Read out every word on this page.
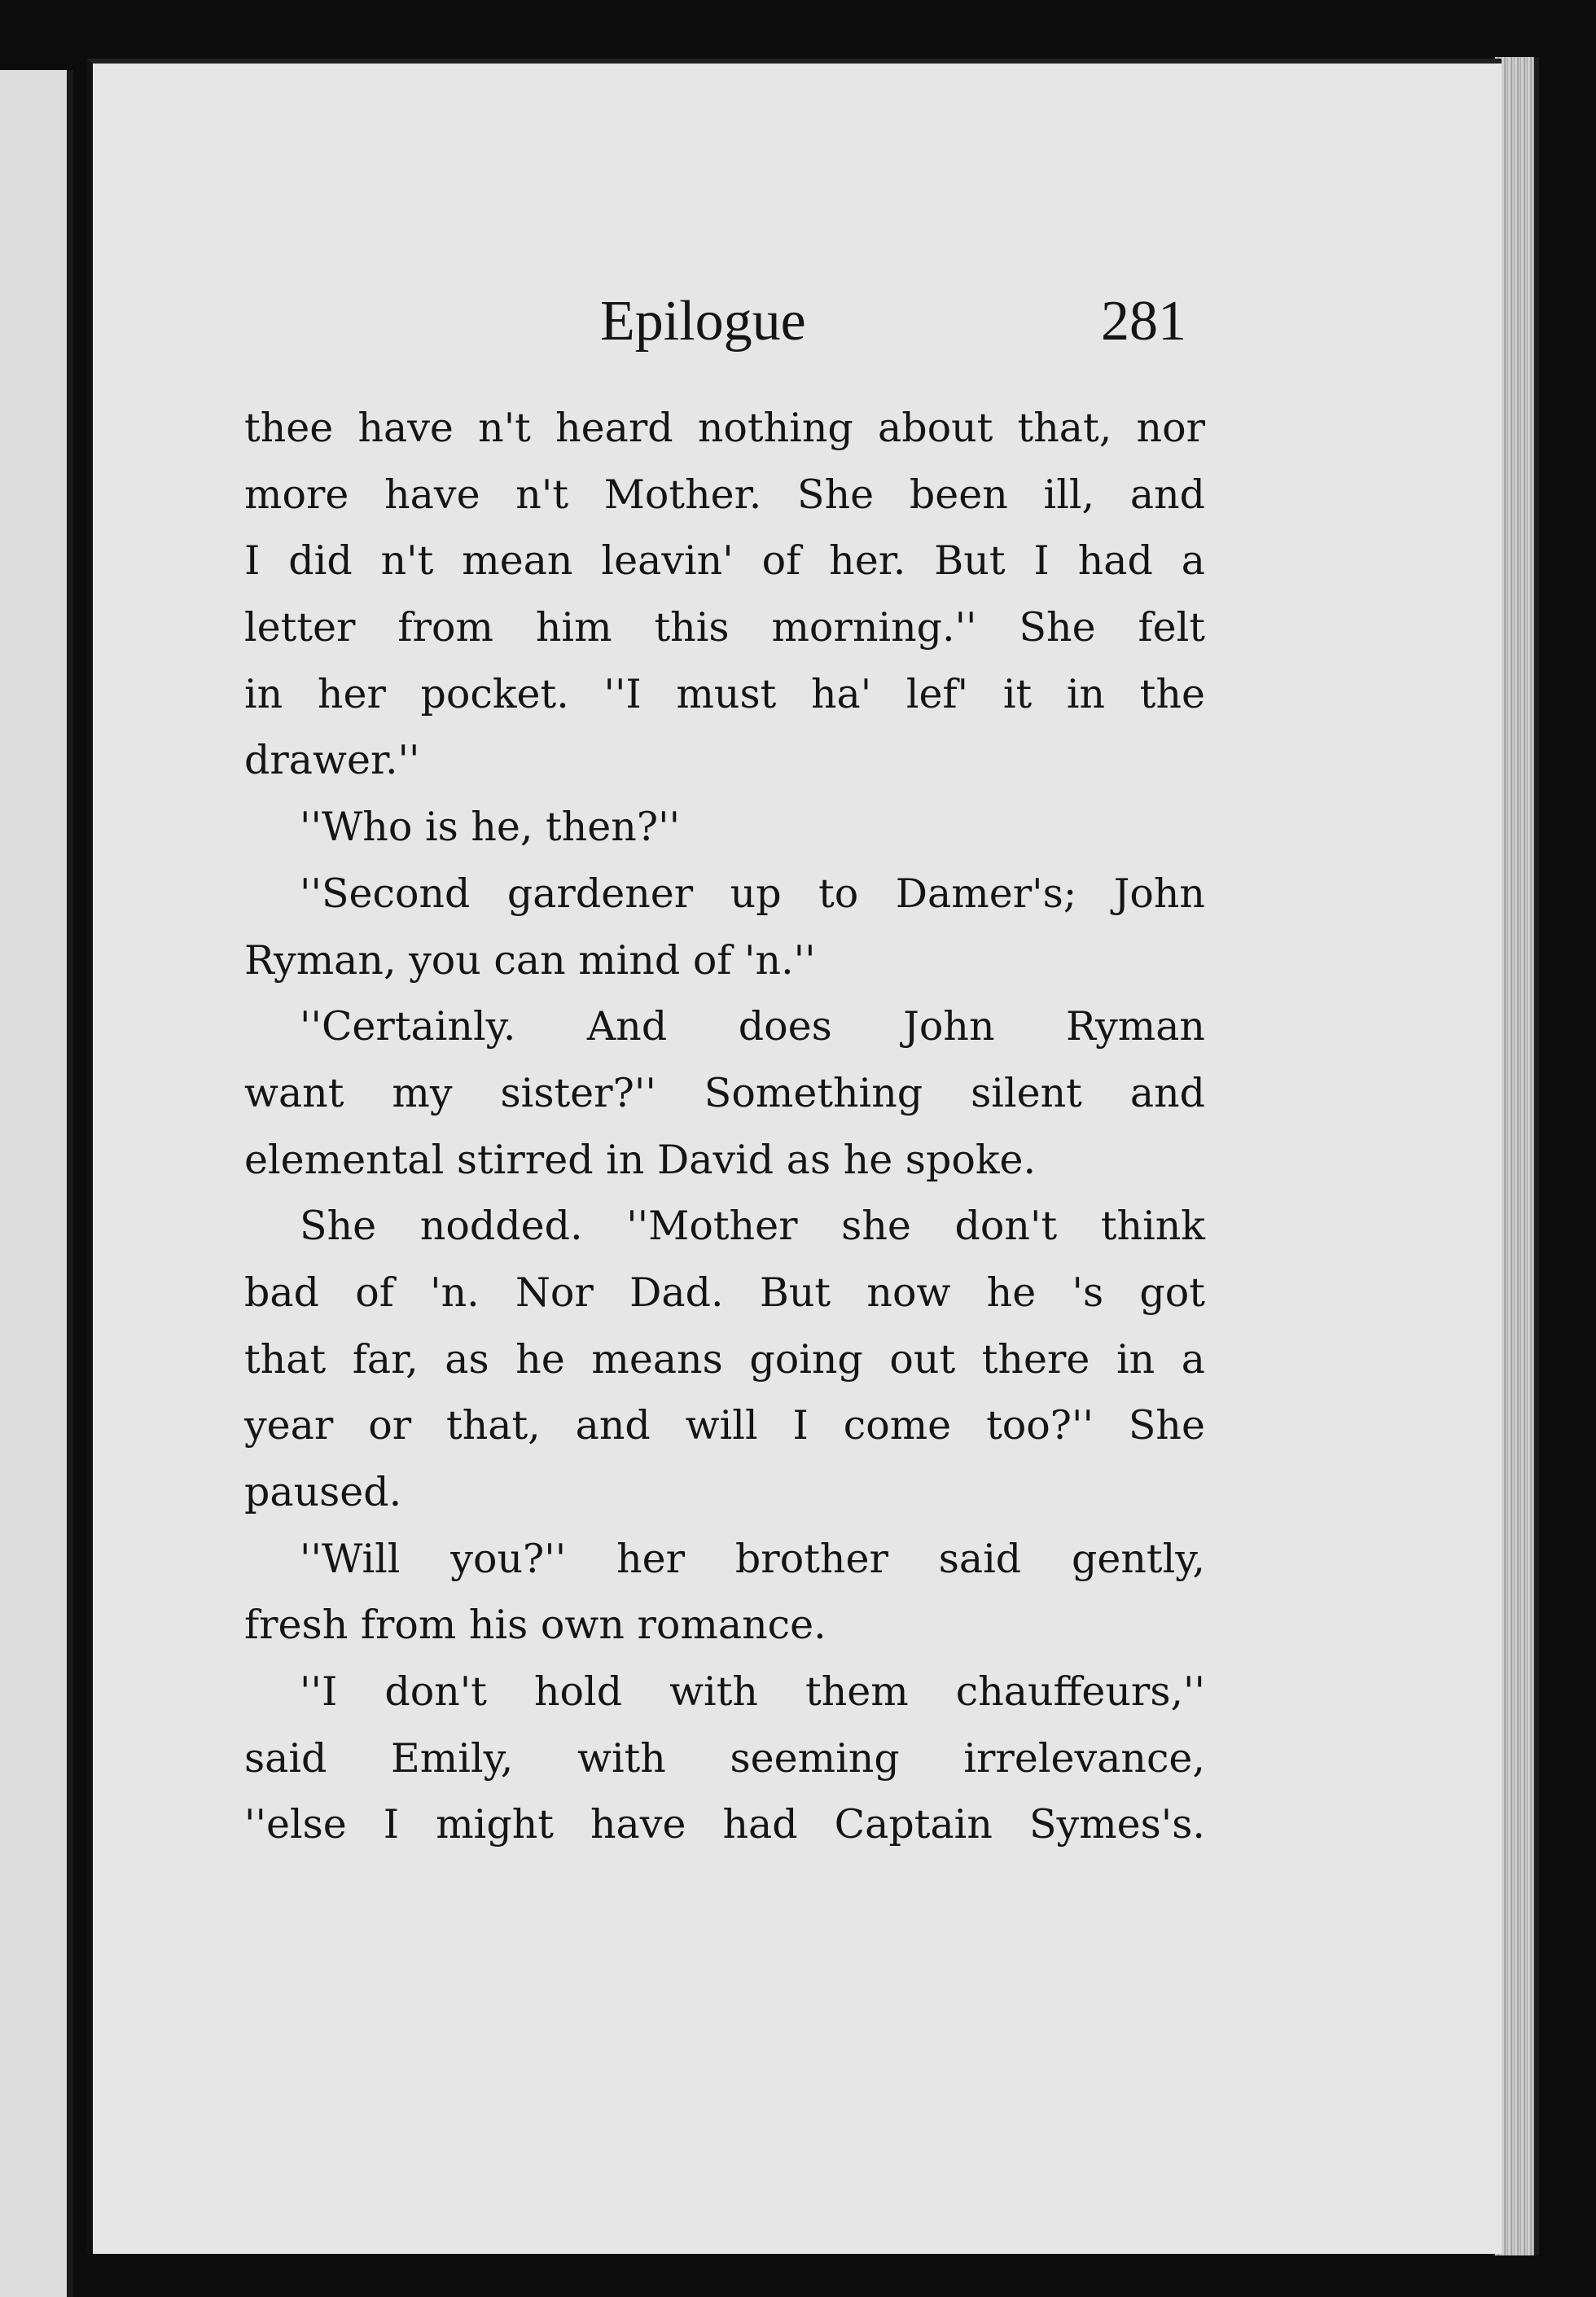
Epilogue	281
thee have n't heard nothing about that, nor
more have n't Mother. She been ill, and
I did n't mean leavin' of her. But I had a
letter from him this morning.'' She felt
in her pocket. ''I must ha' lef' it in the
drawer.''
''Who is he, then?''
''Second gardener up to Damer's; John
Ryman, you can mind of 'n.''
''Certainly. And does John Ryman
want my sister?'' Something silent and
elemental stirred in David as he spoke.
She nodded. ''Mother she don't think
bad of 'n. Nor Dad. But now he 's got
that far, as he means going out there in a
year or that, and will I come too?'' She
paused.
''Will you?'' her brother said gently,
fresh from his own romance.
''I don't hold with them chauffeurs,''
said Emily, with seeming irrelevance,
''else I might have had Captain Symes's.
